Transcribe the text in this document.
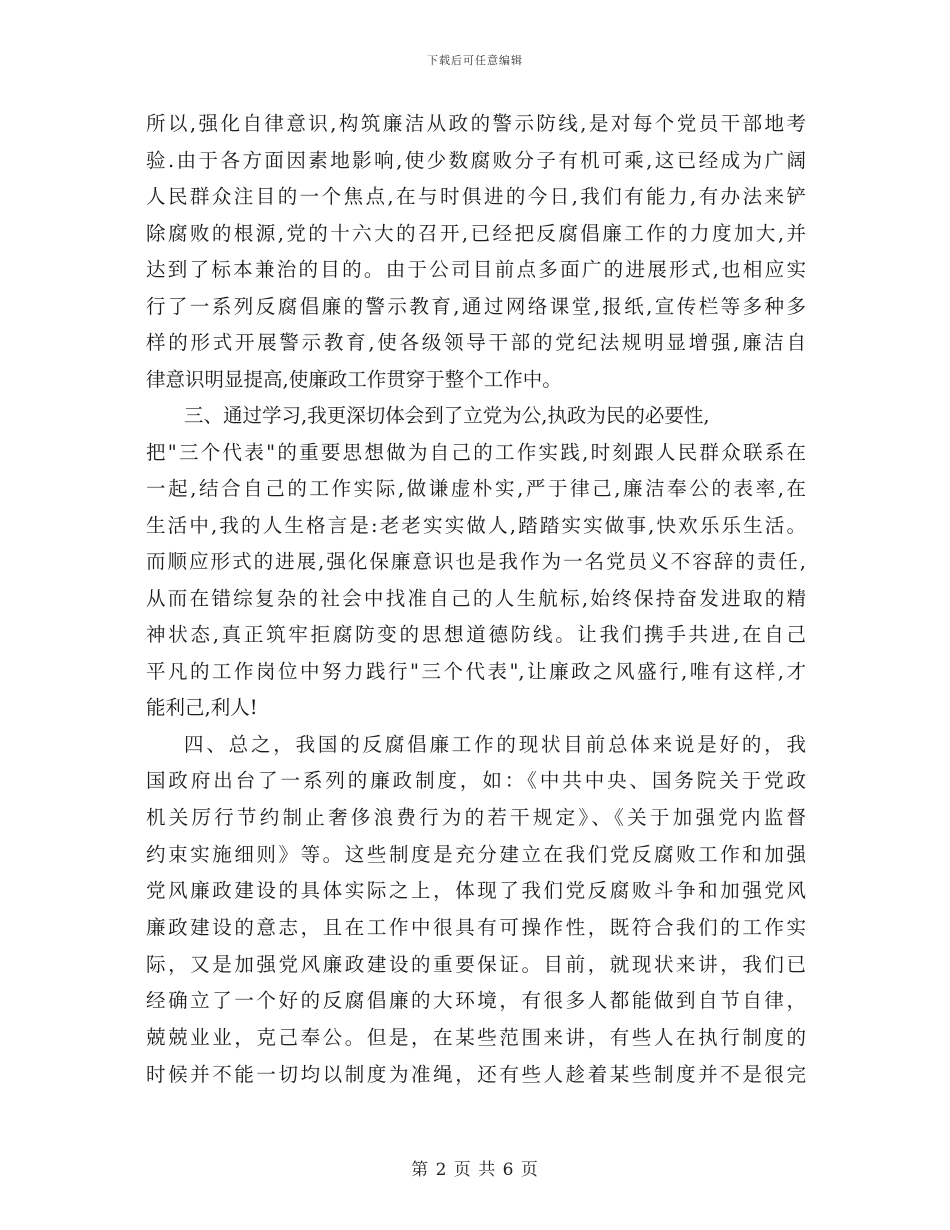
下载后可任意编辑
所以,强化自律意识,构筑廉洁从政的警示防线,是对每个党员干部地考
验.由于各方面因素地影响,使少数腐败分子有机可乘,这已经成为广阔
人民群众注目的一个焦点,在与时俱进的今日,我们有能力,有办法来铲
除腐败的根源,党的十六大的召开,已经把反腐倡廉工作的力度加大,并
达到了标本兼治的目的。由于公司目前点多面广的进展形式,也相应实
行了一系列反腐倡廉的警示教育,通过网络课堂,报纸,宣传栏等多种多
样的形式开展警示教育,使各级领导干部的党纪法规明显增强,廉洁自
律意识明显提高,使廉政工作贯穿于整个工作中。
三、通过学习,我更深切体会到了立党为公,执政为民的必要性,
把"三个代表"的重要思想做为自己的工作实践,时刻跟人民群众联系在
一起,结合自己的工作实际,做谦虚朴实,严于律己,廉洁奉公的表率,在
生活中,我的人生格言是:老老实实做人,踏踏实实做事,快欢乐乐生活。
而顺应形式的进展,强化保廉意识也是我作为一名党员义不容辞的责任,
从而在错综复杂的社会中找准自己的人生航标,始终保持奋发进取的精
神状态,真正筑牢拒腐防变的思想道德防线。让我们携手共进,在自己
平凡的工作岗位中努力践行"三个代表",让廉政之风盛行,唯有这样,才
能利己,利人!
四、总之，我国的反腐倡廉工作的现状目前总体来说是好的，我
国政府出台了一系列的廉政制度，如：《中共中央、国务院关于党政
机关厉行节约制止奢侈浪费行为的若干规定》、《关于加强党内监督
约束实施细则》等。这些制度是充分建立在我们党反腐败工作和加强
党风廉政建设的具体实际之上，体现了我们党反腐败斗争和加强党风
廉政建设的意志，且在工作中很具有可操作性，既符合我们的工作实
际，又是加强党风廉政建设的重要保证。目前，就现状来讲，我们已
经确立了一个好的反腐倡廉的大环境，有很多人都能做到自节自律，
兢兢业业，克己奉公。但是，在某些范围来讲，有些人在执行制度的
时候并不能一切均以制度为准绳，还有些人趁着某些制度并不是很完
第 2 页 共 6 页
